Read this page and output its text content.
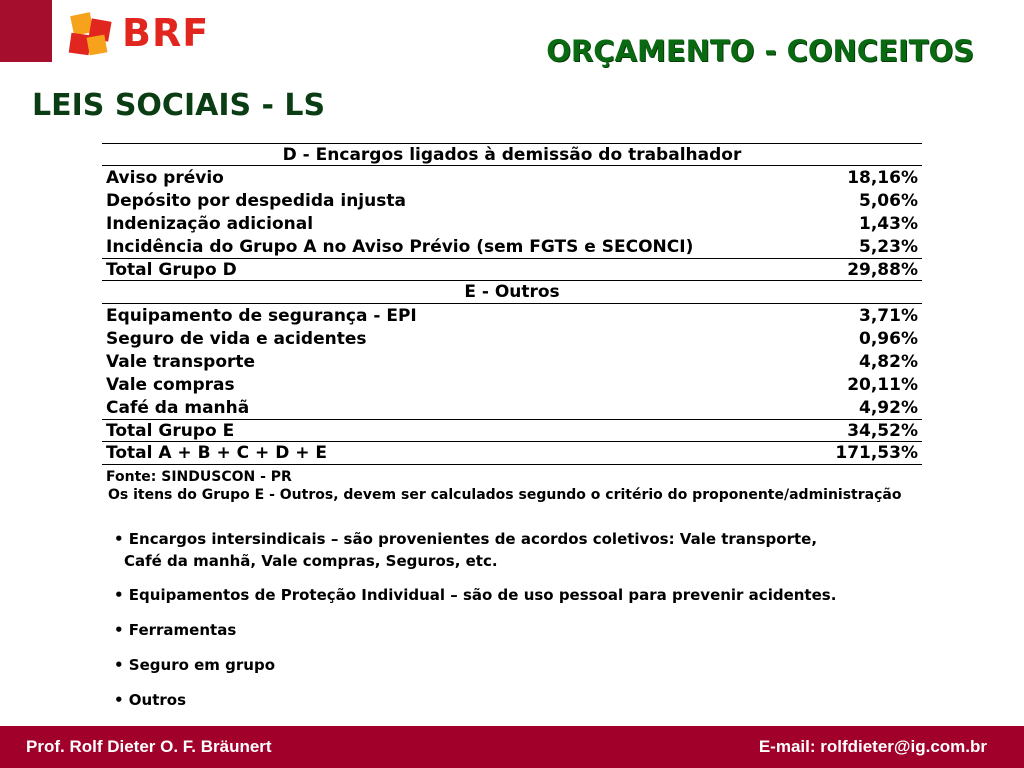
BRF	ORÇAMENTO - CONCEITOS
LEIS SOCIAIS - LS
D - Encargos ligados à demissão do trabalhador
Aviso prévio	18,16%
Depósito por despedida injusta	5,06%
Indenização adicional	1,43%
Incidência do Grupo A no Aviso Prévio (sem FGTS e SECONCI)	5,23%
Total Grupo D	29,88%
E - Outros
Equipamento de segurança - EPI	3,71%
Seguro de vida e acidentes	0,96%
Vale transporte	4,82%
Vale compras	20,11%
Café da manhã	4,92%
Total Grupo E	34,52%
Total A + B + C + D + E	171,53%
Fonte: SINDUSCON - PR
Os itens do Grupo E - Outros, devem ser calculados segundo o critério do proponente/administração
• Encargos intersindicais – são provenientes de acordos coletivos: Vale transporte,
Café da manhã, Vale compras, Seguros, etc.
• Equipamentos de Proteção Individual – são de uso pessoal para prevenir acidentes.
• Ferramentas
• Seguro em grupo
• Outros
Prof. Rolf Dieter O. F. Bräunert	E-mail: rolfdieter@ig.com.br
